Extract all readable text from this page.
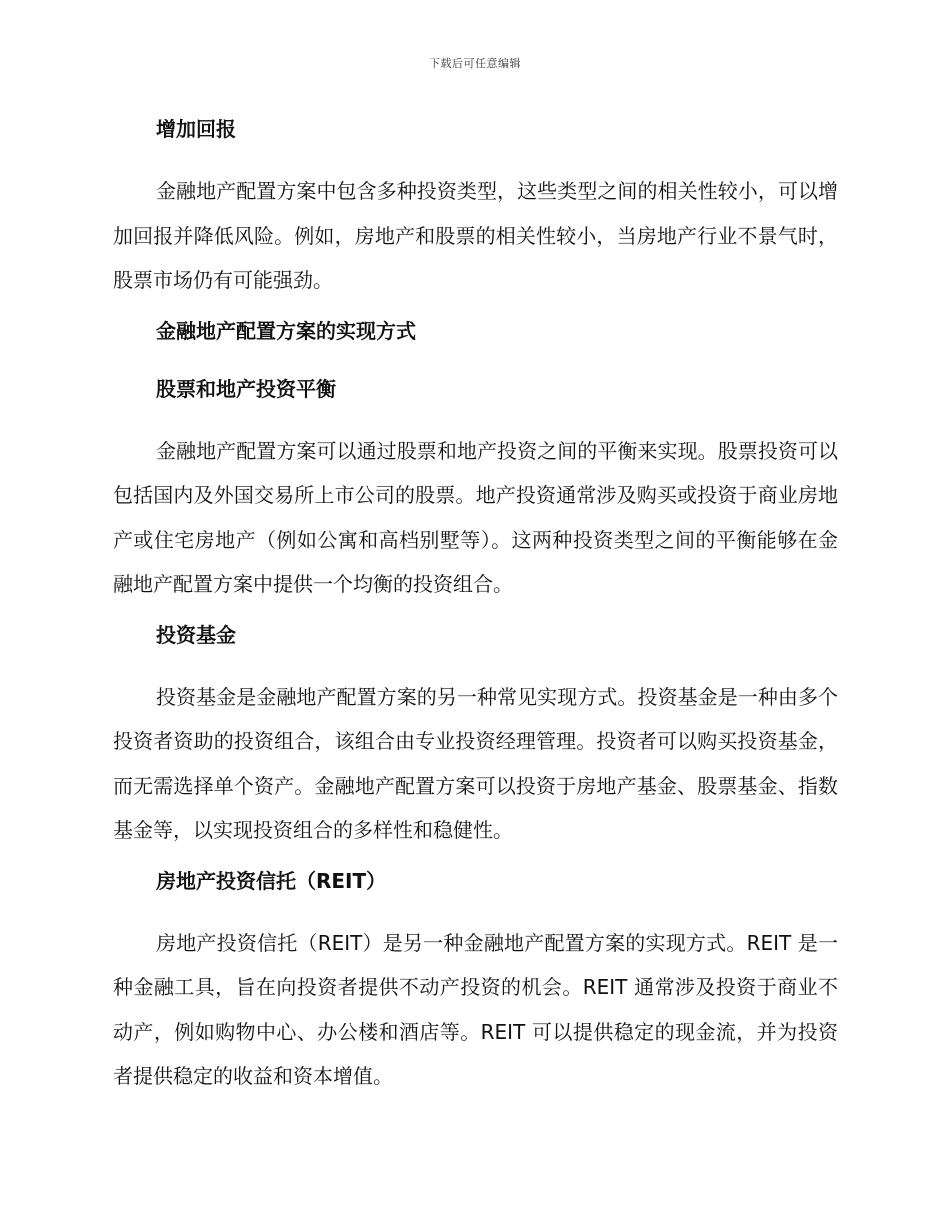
下载后可任意编辑
增加回报

金融地产配置方案中包含多种投资类型，这些类型之间的相关性较小，可以增加回报并降低风险。例如，房地产和股票的相关性较小，当房地产行业不景气时，股票市场仍有可能强劲。

金融地产配置方案的实现方式
股票和地产投资平衡

金融地产配置方案可以通过股票和地产投资之间的平衡来实现。股票投资可以包括国内及外国交易所上市公司的股票。地产投资通常涉及购买或投资于商业房地产或住宅房地产（例如公寓和高档别墅等）。这两种投资类型之间的平衡能够在金融地产配置方案中提供一个均衡的投资组合。

投资基金

投资基金是金融地产配置方案的另一种常见实现方式。投资基金是一种由多个投资者资助的投资组合，该组合由专业投资经理管理。投资者可以购买投资基金，而无需选择单个资产。金融地产配置方案可以投资于房地产基金、股票基金、指数基金等，以实现投资组合的多样性和稳健性。

房地产投资信托（REIT）

房地产投资信托（REIT）是另一种金融地产配置方案的实现方式。REIT 是一种金融工具，旨在向投资者提供不动产投资的机会。REIT 通常涉及投资于商业不动产，例如购物中心、办公楼和酒店等。REIT 可以提供稳定的现金流，并为投资者提供稳定的收益和资本增值。
